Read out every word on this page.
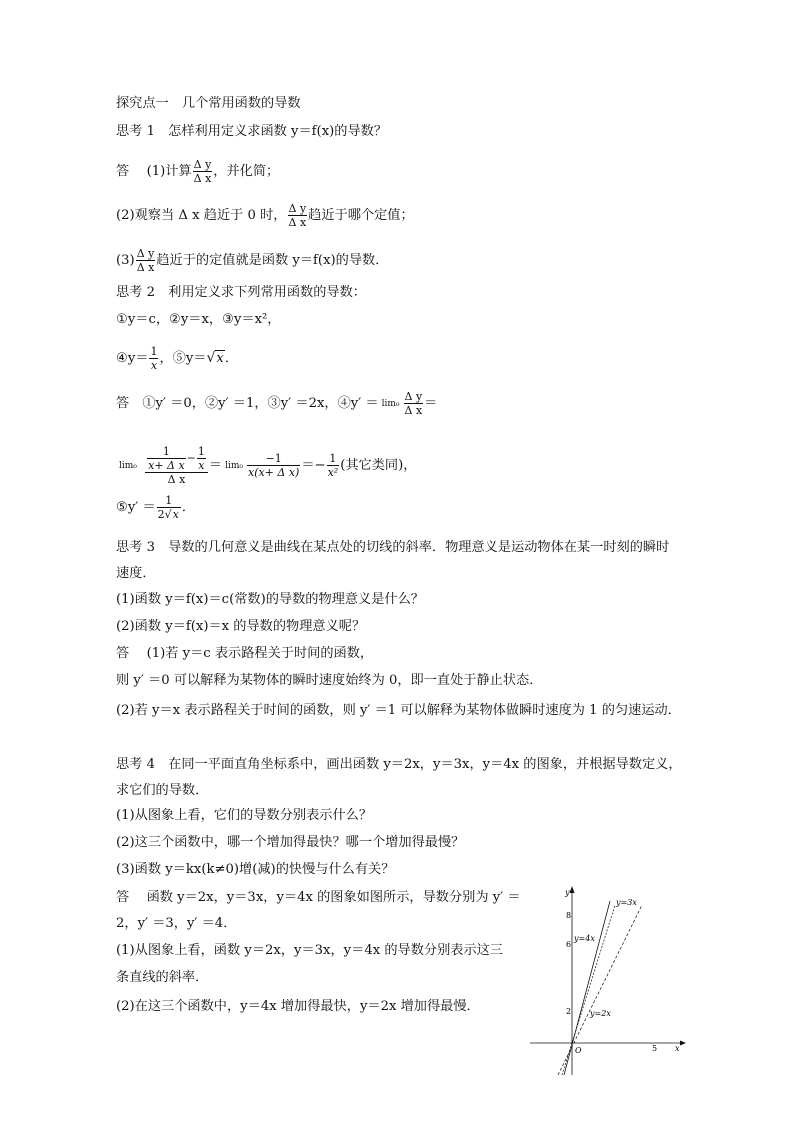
探究点一　几个常用函数的导数
思考 1　 怎样利用定义求函数 y＝f(x)的导数？
答　 (1)计算 $\frac{\text{Δ y}}{\text{Δ x}}$ ，并化简；
(2)观察当 Δ x 趋近于 0 时， $\frac{\text{Δ y}}{\text{Δ x}}$ 趋近于哪个定值；
$(3) \frac{\text{Δ y}}{\text{Δ x}}$ 趋近于的定值就是函数 y＝f(x)的导数．
思考 2　 利用定义求下列常用函数的导数：
①y＝c，②y＝x，③y＝x²，
④y＝ $\frac{1}{x}$ ，⑤y＝√x．
答　 ①y′ ＝0，②y′ ＝1，③y′ ＝2x，④y′ ＝ $\lim_0 \frac{\text{Δ y}}{\text{Δ x}}$ ＝
$\lim_0 \frac{\frac{1}{\text{x+ Δ x}} - \frac{1}{x}}{\text{Δ x}} = \lim_0 \frac{-1}{\text{x(x+ Δ x)}} =- \frac{1}{\text{x²}}$ (其它类同)，
⑤y′ ＝ $\frac{1}{2√x}$ ．
思考 3　 导数的几何意义是曲线在某点处的切线的斜率．物理意义是运动物体在某一时刻的瞬时速度．
(1)函数 y＝f(x)＝c(常数)的导数的物理意义是什么？
(2)函数 y＝f(x)＝x 的导数的物理意义呢？
答　 (1)若 y＝c 表示路程关于时间的函数，
则 y′ ＝0 可以解释为某物体的瞬时速度始终为 0，即一直处于静止状态．
(2)若 y＝x 表示路程关于时间的函数，则 y′ ＝1 可以解释为某物体做瞬时速度为 1 的匀速运动．
思考 4　 在同一平面直角坐标系中，画出函数 y＝2x，y＝3x，y＝4x 的图象，并根据导数定义，求它们的导数．
(1)从图象上看，它们的导数分别表示什么？
(2)这三个函数中，哪一个增加得最快？哪一个增加得最慢？
(3)函数 y＝kx(k≠0)增(减)的快慢与什么有关？
答　 函数 y＝2x，y＝3x，y＝4x 的图象如图所示，导数分别为 y′ ＝
2，y′ ＝3，y′ ＝4．
(1)从图象上看，函数 y＝2x，y＝3x，y＝4x 的导数分别表示这三
条直线的斜率．
(2)在这三个函数中，y＝4x 增加得最快，y＝2x 增加得最慢．
x
y
O
8
6
2
5
y=3x
y=4x
y=2x
